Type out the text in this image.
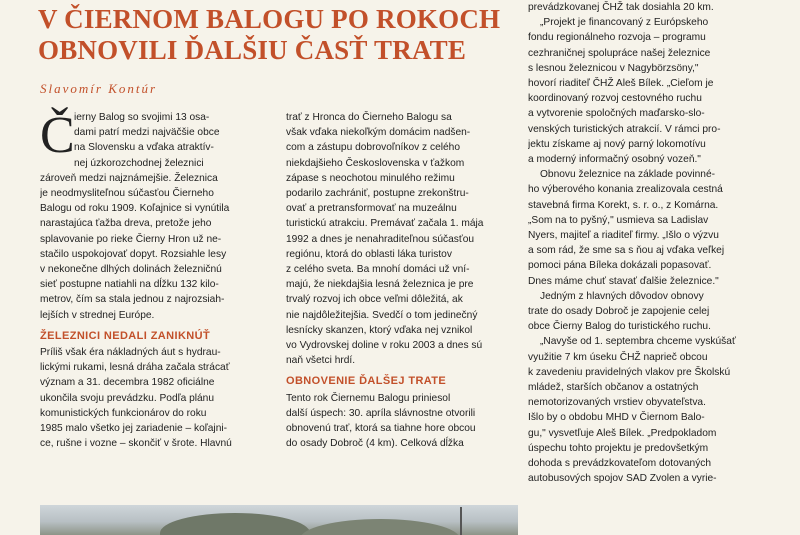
V ČIERNOM BALOGU PO ROKOCH
OBNOVILI ĎALŠIU ČASŤ TRATE
Slavomír Kontúr
Č ierny Balog so svojimi 13 osa-
dami patrí medzi najväčšie obce
na Slovensku a vďaka atraktív-
nej úzkorozchodnej železnici
zároveň medzi najznámejšie. Železnica
je neodmysliteľnou súčasťou Čierneho
Balogu od roku 1909. Koľajnice si vynútila
narastajúca ťažba dreva, pretože jeho
splavovanie po rieke Čierny Hron už ne-
stačilo uspokojovať dopyt. Rozsiahle lesy
v nekonečne dlhých dolinách železničnú
sieť postupne natiahli na dĺžku 132 kilo-
metrov, čím sa stala jednou z najrozsiah-
lejších v strednej Európe.
ŽELEZNICI NEDALI ZANIKNÚŤ
Príliš však éra nákladných áut s hydrau-
lickými rukami, lesná dráha začala strácať
význam a 31. decembra 1982 oficiálne
ukončila svoju prevádzku. Podľa plánu
komunistických funkcionárov do roku
1985 malo všetko jej zariadenie – koľajni-
ce, rušne i vozne – skončiť v šrote. Hlavnú
trať z Hronca do Čierneho Balogu sa
však vďaka niekoľkým domácim nadšen-
com a zástupu dobrovoľníkov z celého
niekdajšieho Československa v ťažkom
zápase s neochotou minulého režimu
podarilo zachrániť, postupne zrekonštru-
ovať a pretransformovať na muzeálnu
turistickú atrakciu. Premávať začala 1. mája
1992 a dnes je nenahraditeľnou súčasťou
regiónu, ktorá do oblasti láka turistov
z celého sveta. Ba mnohí domáci už vní-
majú, že niekdajšia lesná železnica je pre
trvalý rozvoj ich obce veľmi dôležitá, ak
nie najdôležitejšia. Svedčí o tom jedinečný
lesnícky skanzen, ktorý vďaka nej vznikol
vo Vydrovskej doline v roku 2003 a dnes sú
naň všetci hrdí.
OBNOVENIE ĎALŠEJ TRATE
Tento rok Čiernemu Balogu priniesol
další úspech: 30. apríla slávnostne otvorili
obnovenú trať, ktorá sa tiahne hore obcou
do osady Dobroč (4 km). Celková dĺžka
prevádzkovanej ČHŽ tak dosiahla 20 km.
„Projekt je financovaný z Európskeho
fondu regionálneho rozvoja – programu
cezhraničnej spolupráce našej železnice
s lesnou železnicou v Nagybörzsöny,"
hovorí riaditeľ ČHŽ Aleš Bílek. „Cieľom je
koordinovaný rozvoj cestovného ruchu
a vytvorenie spoločných maďarsko-slo-
venských turistických atrakcií. V rámci pro-
jektu získame aj nový parný lokomotívu
a moderný informačný osobný vozeň."
Obnovu železnice na základe povinné-
ho výberového konania zrealizovala cestná
stavebná firma Korekt, s. r. o., z Komárna.
„Som na to pyšný," usmieva sa Ladislav
Nyers, majiteľ a riaditeľ firmy. „Išlo o výzvu
a som rád, že sme sa s ňou aj vďaka veľkej
pomoci pána Bíleka dokázali popasovať.
Dnes máme chuť stavať ďalšie železnice."
Jedným z hlavných dôvodov obnovy
trate do osady Dobroč je zapojenie celej
obce Čierny Balog do turistického ruchu.
„Navyše od 1. septembra chceme vyskúšať
využitie 7 km úseku ČHŽ naprieč obcou
k zavedeniu pravidelných vlakov pre Školskú
mládež, starších občanov a ostatných
nemotorizovaných vrstiev obyvateľstva.
Išlo by o obdobu MHD v Čiernom Balo-
gu," vysvetľuje Aleš Bílek. „Predpokladom
úspechu tohto projektu je predovšetkým
dohoda s prevádzkovateľom dotovaných
autobusových spojov SAD Zvolen a vyrie-
